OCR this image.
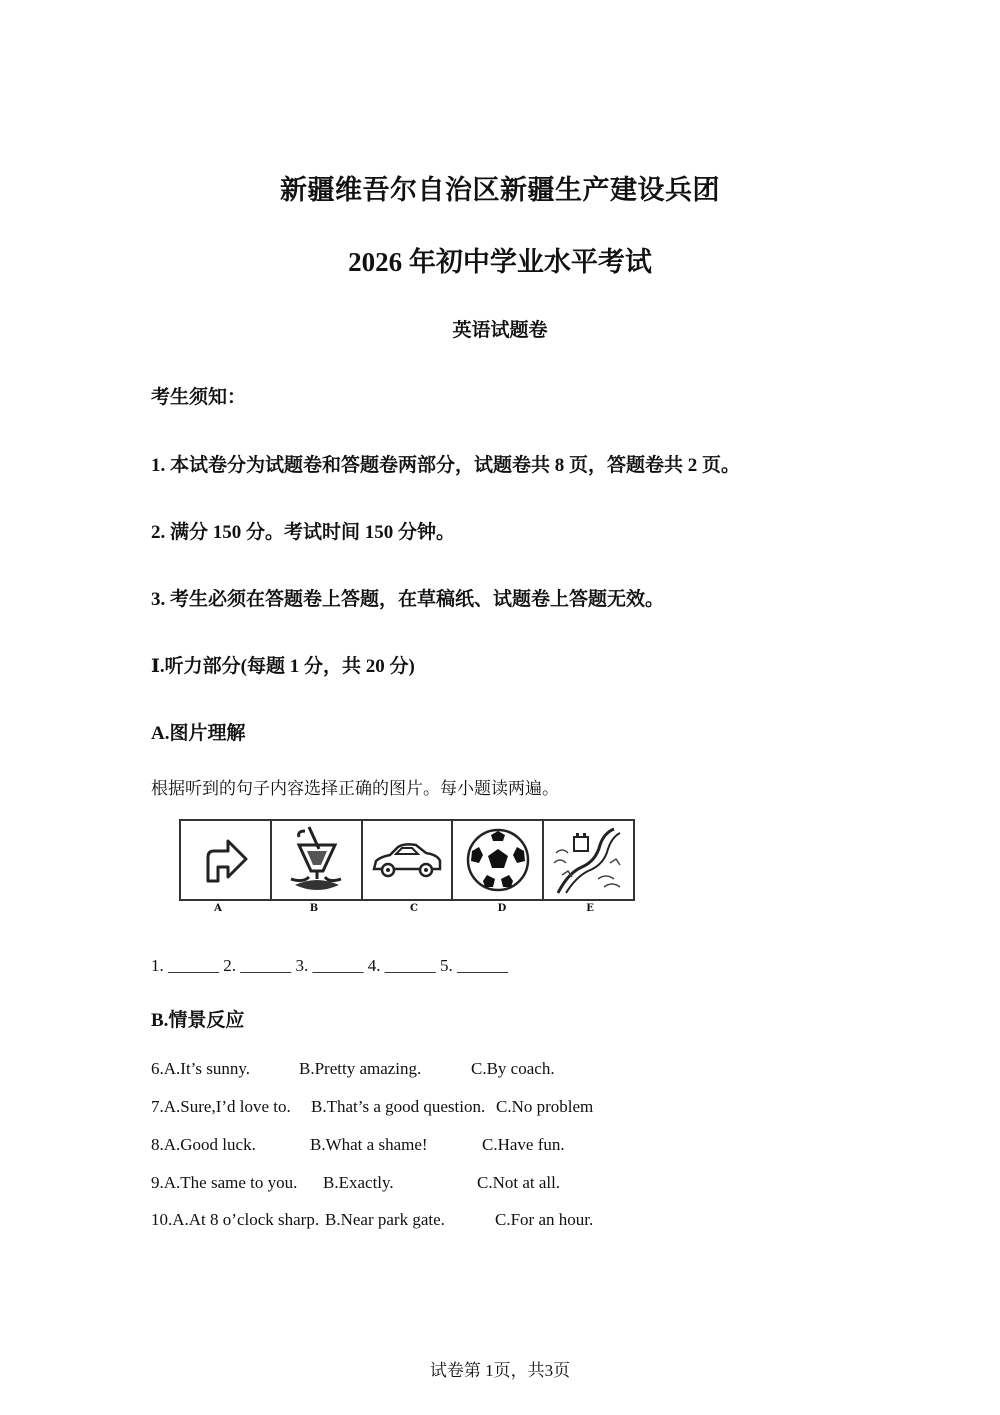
新疆维吾尔自治区新疆生产建设兵团

2026 年初中学业水平考试

英语试题卷

考生须知：

1. 本试卷分为试题卷和答题卷两部分，试题卷共 8 页，答题卷共 2 页。

2. 满分 150 分。考试时间 150 分钟。

3. 考生必须在答题卷上答题，在草稿纸、试题卷上答题无效。

Ⅰ.听力部分(每题 1 分，共 20 分)

A.图片理解

根据听到的句子内容选择正确的图片。每小题读两遍。

A	B	C	D	E

1. ______ 2. ______ 3. ______ 4. ______ 5. ______

B.情景反应

6.A.It’s sunny.	B.Pretty amazing.	C.By coach.
7.A.Sure,I’d love to. B.That’s a good question. C.No problem
8.A.Good luck.	B.What a shame!	C.Have fun.
9.A.The same to you. B.Exactly.	C.Not at all.
10.A.At 8 o’clock sharp. B.Near park gate.	C.For an hour.

试卷第 1页，共3页
